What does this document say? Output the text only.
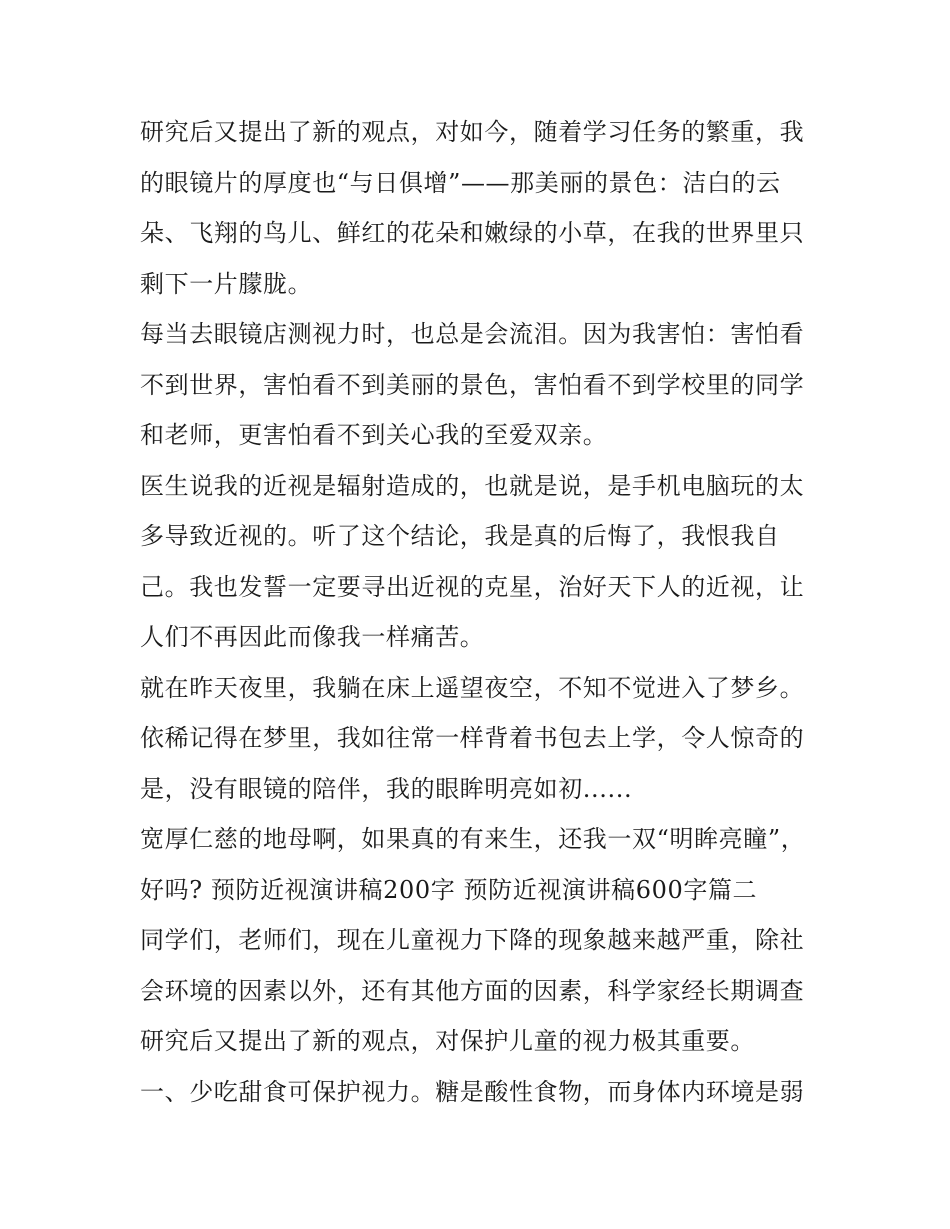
研究后又提出了新的观点，对如今，随着学习任务的繁重，我
的眼镜片的厚度也“与日俱增”——那美丽的景色：洁白的云
朵、飞翔的鸟儿、鲜红的花朵和嫩绿的小草，在我的世界里只
剩下一片朦胧。
每当去眼镜店测视力时，也总是会流泪。因为我害怕：害怕看
不到世界，害怕看不到美丽的景色，害怕看不到学校里的同学
和老师，更害怕看不到关心我的至爱双亲。
医生说我的近视是辐射造成的，也就是说，是手机电脑玩的太
多导致近视的。听了这个结论，我是真的后悔了，我恨我自
己。我也发誓一定要寻出近视的克星，治好天下人的近视，让
人们不再因此而像我一样痛苦。
就在昨天夜里，我躺在床上遥望夜空，不知不觉进入了梦乡。
依稀记得在梦里，我如往常一样背着书包去上学，令人惊奇的
是，没有眼镜的陪伴，我的眼眸明亮如初......
宽厚仁慈的地母啊，如果真的有来生，还我一双“明眸亮瞳”，
好吗? 预防近视演讲稿200字 预防近视演讲稿600字篇二
同学们，老师们，现在儿童视力下降的现象越来越严重，除社
会环境的因素以外，还有其他方面的因素，科学家经长期调查
研究后又提出了新的观点，对保护儿童的视力极其重要。
一、少吃甜食可保护视力。糖是酸性食物，而身体内环境是弱
